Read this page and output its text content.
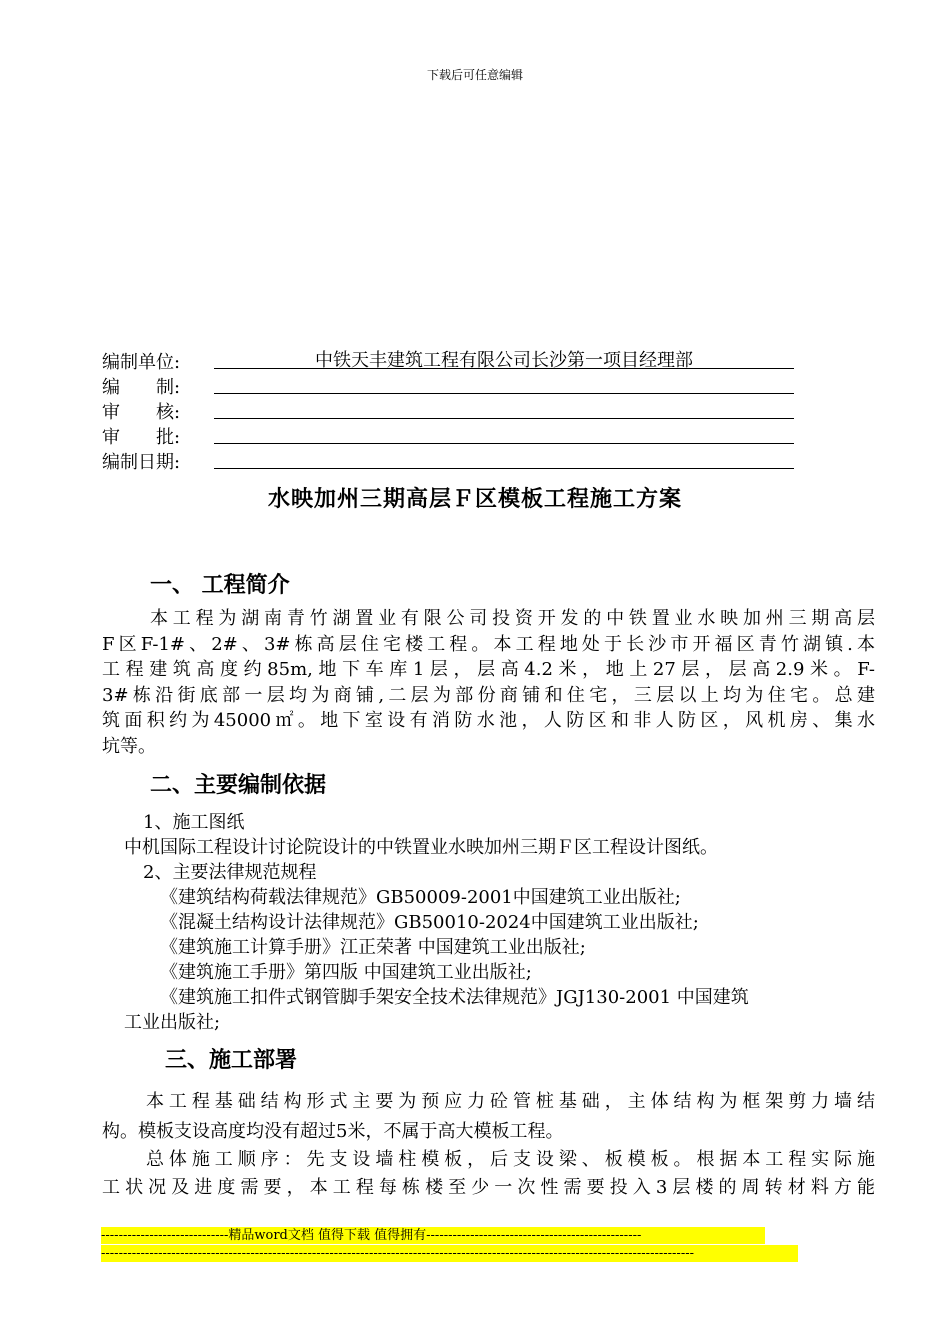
下载后可任意编辑
编制单位:	中铁天丰建筑工程有限公司长沙第一项目经理部
编　　制:
审　　核:
审　　批:
编制日期:
水映加州三期高层Ｆ区模板工程施工方案
一、 工程简介

本工程为湖南青竹湖置业有限公司投资开发的中铁置业水映加州三期高层

F区F-1#、2#、3#栋高层住宅楼工程。本工程地处于长沙市开福区青竹湖镇.本

工程建筑高度约85m,地下车库1层，层高4.2米，地上27层，层高2.9米。F-

3#栋沿街底部一层均为商铺,二层为部份商铺和住宅，三层以上均为住宅。总建

筑面积约为45000㎡。地下室设有消防水池，人防区和非人防区，风机房、集水

坑等。

二、主要编制依据
1、施工图纸
中机国际工程设计讨论院设计的中铁置业水映加州三期Ｆ区工程设计图纸。
2、主要法律规范规程
《建筑结构荷载法律规范》GB50009-2001中国建筑工业出版社;
《混凝土结构设计法律规范》GB50010-2024中国建筑工业出版社;
《建筑施工计算手册》江正荣著 中国建筑工业出版社;
《建筑施工手册》第四版 中国建筑工业出版社;
《建筑施工扣件式钢管脚手架安全技术法律规范》JGJ130-2001 中国建筑
工业出版社;
三、施工部署

本工程基础结构形式主要为预应力砼管桩基础，主体结构为框架剪力墙结

构。模板支设高度均没有超过5米，不属于高大模板工程。

总体施工顺序：先支设墙柱模板，后支设梁、板模板。根据本工程实际施

工状况及进度需要，本工程每栋楼至少一次性需要投入3层楼的周转材料方能

-----------------------------精品word文档 值得下载 值得拥有-------------------------------------------------
---------------------------------------------------------------------------------------------------------------------------------------
